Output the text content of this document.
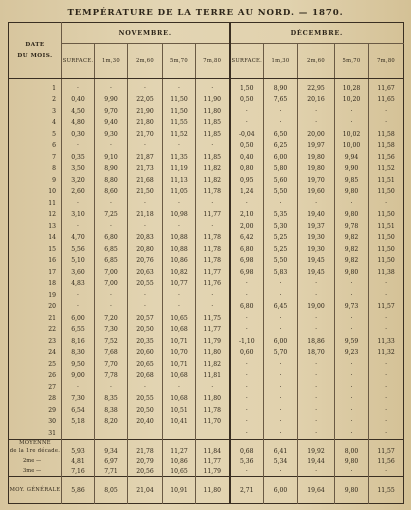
TEMPÉRATURE DE LA TERRE AU NORD. — 1870.
DATE
DU MOIS.	NOVEMBRE.					DÉCEMBRE.				
	SURFACE.	1m,30	2m,60	5m,70	7m,80	SURFACE.	1m,30	2m,60	5m,70	7m,80
1	·	·	·	·	·	1,50	8,90	22,95	10,28	11,67
2	0,40	9,90	22,05	11,50	11,90	0,50	7,65	20,16	10,20	11,65
3	4,50	9,70	21,90	11,50	11,80	·	·	·	·	·
4	4,80	9,40	21,80	11,55	11,85	·	·	·	·	·
5	0,30	9,30	21,70	11,52	11,85	-0,04	6,50	20,00	10,02	11,58
6	·	·	·	·	·	0,50	6,25	19,97	10,00	11,58
7	0,35	9,10	21,87	11,35	11,85	0,40	6,00	19,80	9,94	11,56
8	3,50	8,90	21,73	11,19	11,82	0,80	5,80	19,80	9,90	11,52
9	3,20	8,80	21,68	11,13	11,82	0,95	5,60	19,70	9,85	11,51
10	2,60	8,60	21,50	11,05	11,78	1,24	5,50	19,60	9,80	11,50
11	·	·	·	·	·	·	·	·	·	·
12	3,10	7,25	21,18	10,98	11,77	2,10	5,35	19,40	9,80	11,50
13	·	·	·	·	·	2,00	5,30	19,37	9,78	11,51
14	4,70	6,80	20,83	10,88	11,78	6,42	5,25	19,30	9,82	11,50
15	5,56	6,85	20,80	10,88	11,78	6,80	5,25	19,30	9,82	11,50
16	5,10	6,85	20,76	10,86	11,78	6,98	5,50	19,45	9,82	11,50
17	3,60	7,00	20,63	10,82	11,77	6,98	5,83	19,45	9,80	11,38
18	4,83	7,00	20,55	10,77	11,76	·	·	·	·	·
19	·	·	·	·	·	·	·	·	·	·
20	·	·	·	·	·	6,80	6,45	19,00	9,73	11,57
21	6,00	7,20	20,57	10,65	11,75	·	·	·	·	·
22	6,55	7,30	20,50	10,68	11,77	·	·	·	·	·
23	8,16	7,52	20,35	10,71	11,79	-1,10	6,00	18,86	9,59	11,33
24	8,30	7,68	20,60	10,70	11,80	0,60	5,70	18,70	9,23	11,32
25	9,50	7,70	20,65	10,71	11,82	·	·	·	·	·
26	9,00	7,78	20,68	10,68	11,81	·	·	·	·	·
27	·	·	·	·	·	·	·	·	·	·
28	7,30	8,35	20,55	10,68	11,80	·	·	·	·	·
29	6,54	8,38	20,50	10,51	11,78	·	·	·	·	·
30	5,18	8,20	20,40	10,41	11,70	·	·	·	·	·
31						·	·	·	·	·
MOYENNE										
de la 1re décade.	5,93	9,34	21,78	11,27	11,84	0,68	6,41	19,92	8,00	11,57
2me —	4,81	6,97	20,79	10,86	11,77	5,36	5,34	19,44	9,80	11,56
3me —	7,16	7,71	20,56	10,65	11,79	·	·	·	·	·
MOY. GÉNÉRALE	5,86	8,05	21,04	10,91	11,80	2,71	6,00	19,64	9,80	11,55
